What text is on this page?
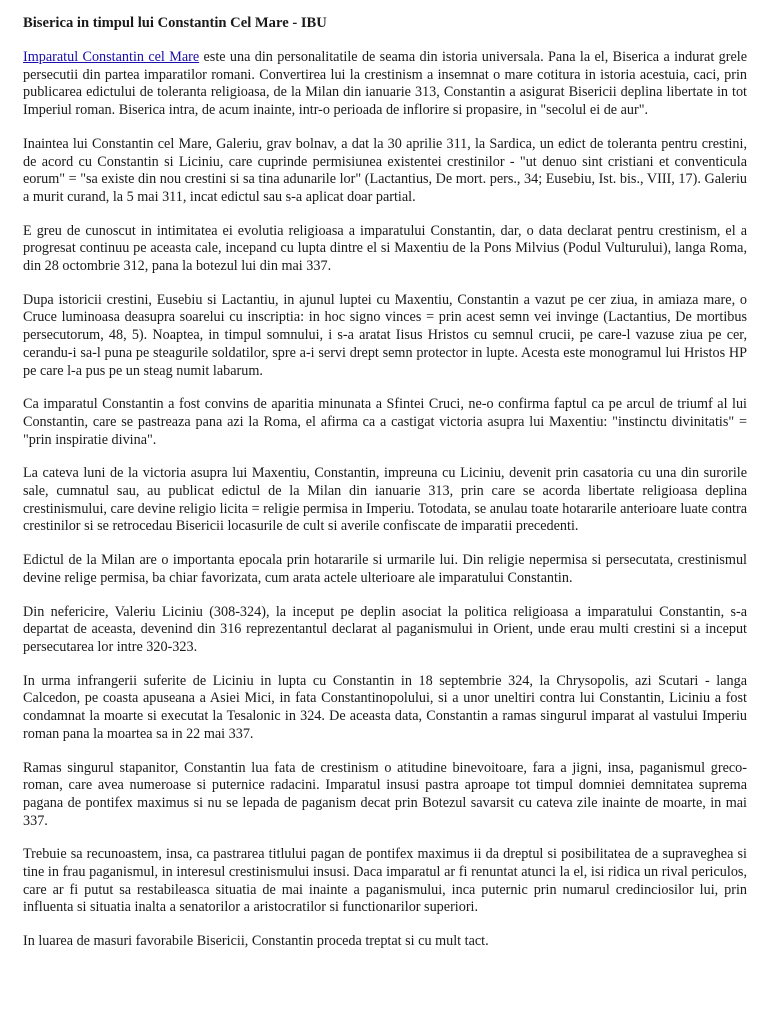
Biserica in timpul lui Constantin Cel Mare - IBU

Imparatul Constantin cel Mare este una din personalitatile de seama din istoria universala. Pana la el, Biserica a indurat grele persecutii din partea imparatilor romani. Convertirea lui la crestinism a insemnat o mare cotitura in istoria acestuia, caci, prin publicarea edictului de toleranta religioasa, de la Milan din ianuarie 313, Constantin a asigurat Bisericii deplina libertate in tot Imperiul roman. Biserica intra, de acum inainte, intr-o perioada de inflorire si propasire, in "secolul ei de aur".

Inaintea lui Constantin cel Mare, Galeriu, grav bolnav, a dat la 30 aprilie 311, la Sardica, un edict de toleranta pentru crestini, de acord cu Constantin si Liciniu, care cuprinde permisiunea existentei crestinilor - "ut denuo sint cristiani et conventicula eorum" = "sa existe din nou crestini si sa tina adunarile lor" (Lactantius, De mort. pers., 34; Eusebiu, Ist. bis., VIII, 17). Galeriu a murit curand, la 5 mai 311, incat edictul sau s-a aplicat doar partial.

E greu de cunoscut in intimitatea ei evolutia religioasa a imparatului Constantin, dar, o data declarat pentru crestinism, el a progresat continuu pe aceasta cale, incepand cu lupta dintre el si Maxentiu de la Pons Milvius (Podul Vulturului), langa Roma, din 28 octombrie 312, pana la botezul lui din mai 337.

Dupa istoricii crestini, Eusebiu si Lactantiu, in ajunul luptei cu Maxentiu, Constantin a vazut pe cer ziua, in amiaza mare, o Cruce luminoasa deasupra soarelui cu inscriptia: in hoc signo vinces = prin acest semn vei invinge (Lactantius, De mortibus persecutorum, 48, 5). Noaptea, in timpul somnului, i s-a aratat Iisus Hristos cu semnul crucii, pe care-l vazuse ziua pe cer, cerandu-i sa-l puna pe steagurile soldatilor, spre a-i servi drept semn protector in lupte. Acesta este monogramul lui Hristos HP pe care l-a pus pe un steag numit labarum.

Ca imparatul Constantin a fost convins de aparitia minunata a Sfintei Cruci, ne-o confirma faptul ca pe arcul de triumf al lui Constantin, care se pastreaza pana azi la Roma, el afirma ca a castigat victoria asupra lui Maxentiu: "instinctu divinitatis" = "prin inspiratie divina".

La cateva luni de la victoria asupra lui Maxentiu, Constantin, impreuna cu Liciniu, devenit prin casatoria cu una din surorile sale, cumnatul sau, au publicat edictul de la Milan din ianuarie 313, prin care se acorda libertate religioasa deplina crestinismului, care devine religio licita = religie permisa in Imperiu. Totodata, se anulau toate hotararile anterioare luate contra crestinilor si se retrocedau Bisericii locasurile de cult si averile confiscate de imparatii precedenti.

Edictul de la Milan are o importanta epocala prin hotararile si urmarile lui. Din religie nepermisa si persecutata, crestinismul devine relige permisa, ba chiar favorizata, cum arata actele ulterioare ale imparatului Constantin.

Din nefericire, Valeriu Liciniu (308-324), la inceput pe deplin asociat la politica religioasa a imparatului Constantin, s-a departat de aceasta, devenind din 316 reprezentantul declarat al paganismului in Orient, unde erau multi crestini si a inceput persecutarea lor intre 320-323.

In urma infrangerii suferite de Liciniu in lupta cu Constantin in 18 septembrie 324, la Chrysopolis, azi Scutari - langa Calcedon, pe coasta apuseana a Asiei Mici, in fata Constantinopolului, si a unor uneltiri contra lui Constantin, Liciniu a fost condamnat la moarte si executat la Tesalonic in 324. De aceasta data, Constantin a ramas singurul imparat al vastului Imperiu roman pana la moartea sa in 22 mai 337.

Ramas singurul stapanitor, Constantin lua fata de crestinism o atitudine binevoitoare, fara a jigni, insa, paganismul greco-roman, care avea numeroase si puternice radacini. Imparatul insusi pastra aproape tot timpul domniei demnitatea suprema pagana de pontifex maximus si nu se lepada de paganism decat prin Botezul savarsit cu cateva zile inainte de moarte, in mai 337.

Trebuie sa recunoastem, insa, ca pastrarea titlului pagan de pontifex maximus ii da dreptul si posibilitatea de a supraveghea si tine in frau paganismul, in interesul crestinismului insusi. Daca imparatul ar fi renuntat atunci la el, isi ridica un rival periculos, care ar fi putut sa restabileasca situatia de mai inainte a paganismului, inca puternic prin numarul credinciosilor lui, prin influenta si situatia inalta a senatorilor a aristocratilor si functionarilor superiori.

In luarea de masuri favorabile Bisericii, Constantin proceda treptat si cu mult tact.
